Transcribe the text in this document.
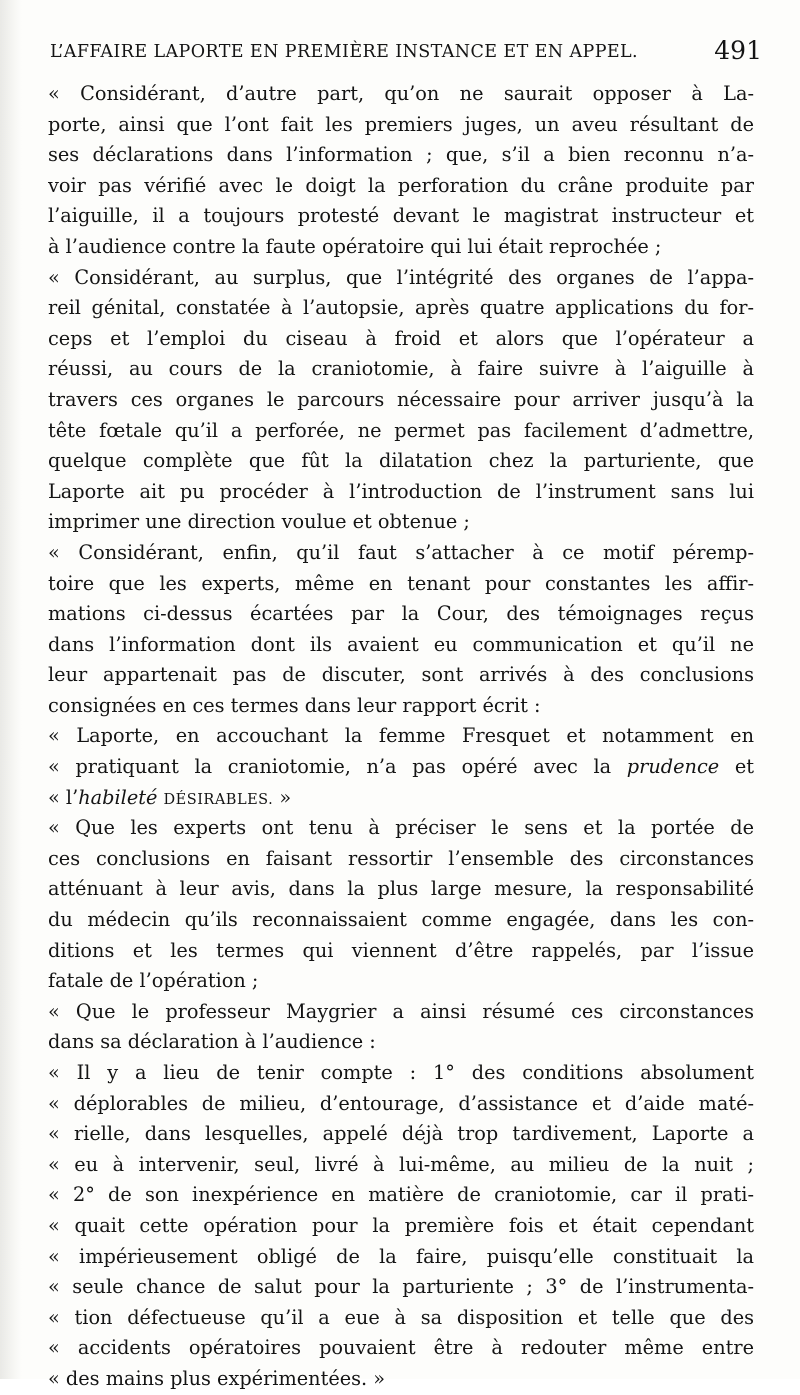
L’AFFAIRE LAPORTE EN PREMIÈRE INSTANCE ET EN APPEL.	491
« Considérant, d’autre part, qu’on ne saurait opposer à La-
porte, ainsi que l’ont fait les premiers juges, un aveu résultant de
ses déclarations dans l’information ; que, s’il a bien reconnu n’a-
voir pas vérifié avec le doigt la perforation du crâne produite par
l’aiguille, il a toujours protesté devant le magistrat instructeur et
à l’audience contre la faute opératoire qui lui était reprochée ;
« Considérant, au surplus, que l’intégrité des organes de l’appa-
reil génital, constatée à l’autopsie, après quatre applications du for-
ceps et l’emploi du ciseau à froid et alors que l’opérateur a
réussi, au cours de la craniotomie, à faire suivre à l’aiguille à
travers ces organes le parcours nécessaire pour arriver jusqu’à la
tête fœtale qu’il a perforée, ne permet pas facilement d’admettre,
quelque complète que fût la dilatation chez la parturiente, que
Laporte ait pu procéder à l’introduction de l’instrument sans lui
imprimer une direction voulue et obtenue ;
« Considérant, enfin, qu’il faut s’attacher à ce motif péremp-
toire que les experts, même en tenant pour constantes les affir-
mations ci-dessus écartées par la Cour, des témoignages reçus
dans l’information dont ils avaient eu communication et qu’il ne
leur appartenait pas de discuter, sont arrivés à des conclusions
consignées en ces termes dans leur rapport écrit :
« Laporte, en accouchant la femme Fresquet et notamment en
« pratiquant la craniotomie, n’a pas opéré avec la prudence et
« l’habileté DÉSIRABLES. »
« Que les experts ont tenu à préciser le sens et la portée de
ces conclusions en faisant ressortir l’ensemble des circonstances
atténuant à leur avis, dans la plus large mesure, la responsabilité
du médecin qu’ils reconnaissaient comme engagée, dans les con-
ditions et les termes qui viennent d’être rappelés, par l’issue
fatale de l’opération ;
« Que le professeur Maygrier a ainsi résumé ces circonstances
dans sa déclaration à l’audience :
« Il y a lieu de tenir compte : 1° des conditions absolument
« déplorables de milieu, d’entourage, d’assistance et d’aide maté-
« rielle, dans lesquelles, appelé déjà trop tardivement, Laporte a
« eu à intervenir, seul, livré à lui-même, au milieu de la nuit ;
« 2° de son inexpérience en matière de craniotomie, car il prati-
« quait cette opération pour la première fois et était cependant
« impérieusement obligé de la faire, puisqu’elle constituait la
« seule chance de salut pour la parturiente ; 3° de l’instrumenta-
« tion défectueuse qu’il a eue à sa disposition et telle que des
« accidents opératoires pouvaient être à redouter même entre
« des mains plus expérimentées. »
